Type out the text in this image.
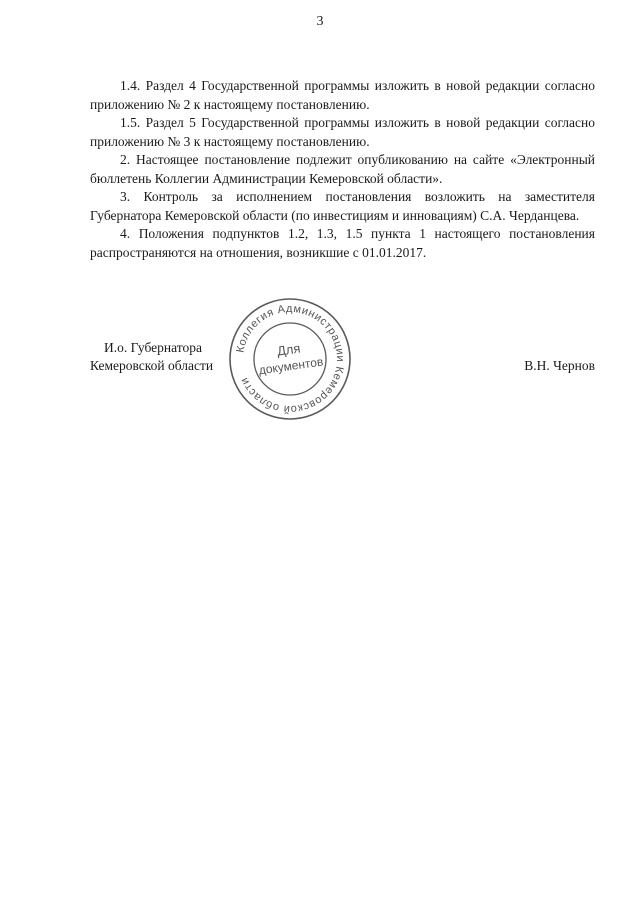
3

1.4. Раздел 4 Государственной программы изложить в новой редакции согласно приложению № 2 к настоящему постановлению.

1.5. Раздел 5 Государственной программы изложить в новой редакции согласно приложению № 3 к настоящему постановлению.

2. Настоящее постановление подлежит опубликованию на сайте «Электронный бюллетень Коллегии Администрации Кемеровской области».

3. Контроль за исполнением постановления возложить на заместителя Губернатора Кемеровской области (по инвестициям и инновациям) С.А. Черданцева.

4. Положения подпунктов 1.2, 1.3, 1.5 пункта 1 настоящего постановления распространяются на отношения, возникшие с 01.01.2017.

И.о. Губернатора
Кемеровской области	В.Н. Чернов
Коллегия Администрации Кемеровской области
Для
документов
